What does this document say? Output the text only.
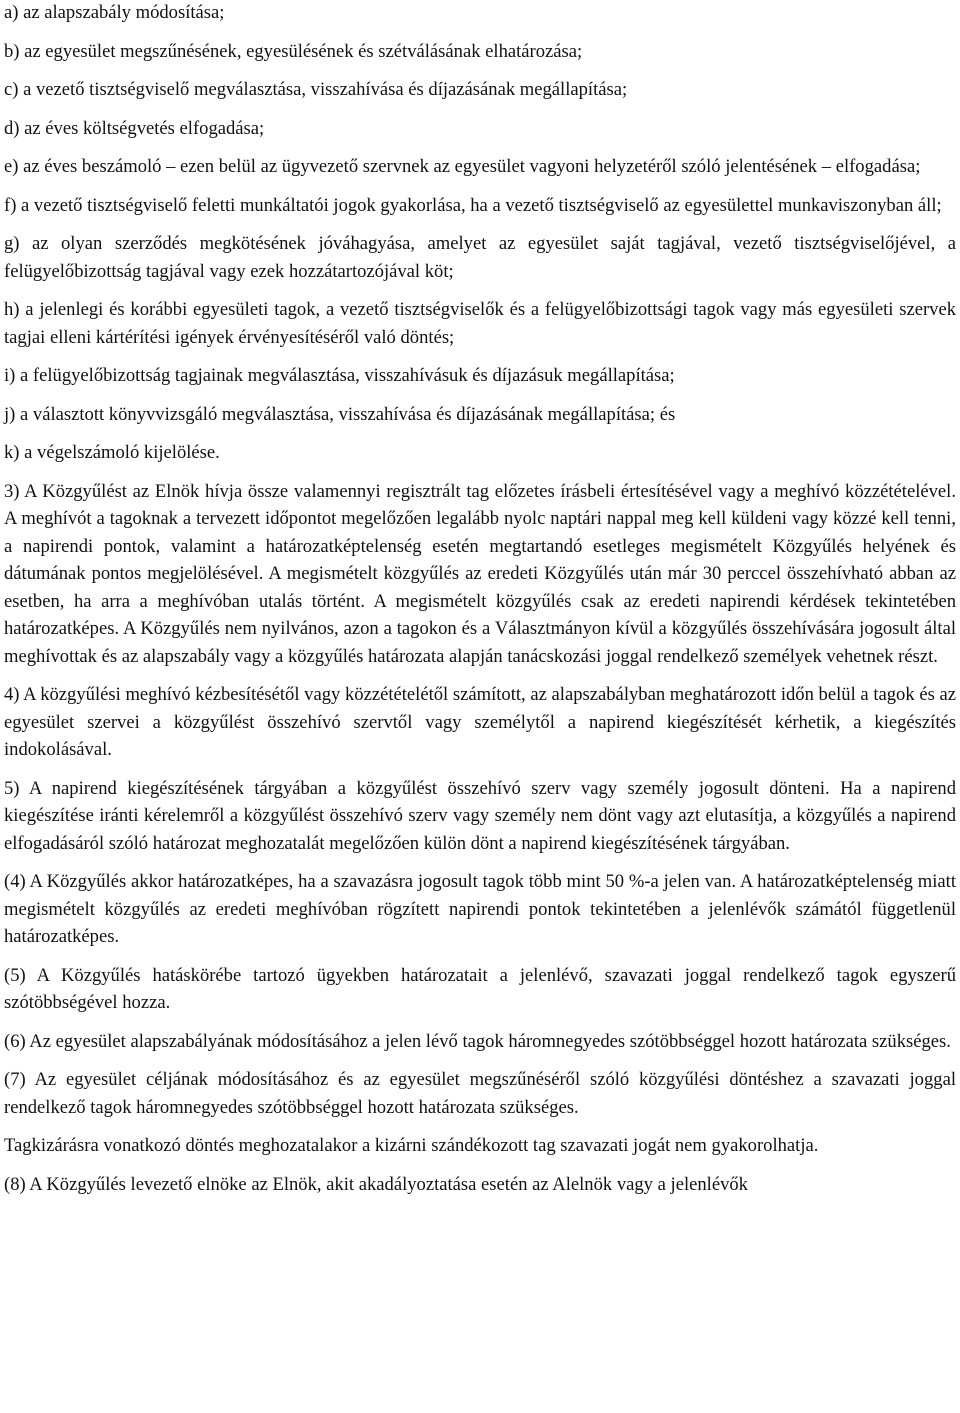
a) az alapszabály módosítása;

b) az egyesület megszűnésének, egyesülésének és szétválásának elhatározása;

c) a vezető tisztségviselő megválasztása, visszahívása és díjazásának megállapítása;

d) az éves költségvetés elfogadása;

e) az éves beszámoló – ezen belül az ügyvezető szervnek az egyesület vagyoni helyzetéről szóló jelentésének – elfogadása;

f) a vezető tisztségviselő feletti munkáltatói jogok gyakorlása, ha a vezető tisztségviselő az egyesülettel munkaviszonyban áll;

g) az olyan szerződés megkötésének jóváhagyása, amelyet az egyesület saját tagjával, vezető tisztségviselőjével, a felügyelőbizottság tagjával vagy ezek hozzátartozójával köt;

h) a jelenlegi és korábbi egyesületi tagok, a vezető tisztségviselők és a felügyelőbizottsági tagok vagy más egyesületi szervek tagjai elleni kártérítési igények érvényesítéséről való döntés;

i) a felügyelőbizottság tagjainak megválasztása, visszahívásuk és díjazásuk megállapítása;

j) a választott könyvvizsgáló megválasztása, visszahívása és díjazásának megállapítása; és

k) a végelszámoló kijelölése.

3) A Közgyűlést az Elnök hívja össze valamennyi regisztrált tag előzetes írásbeli értesítésével vagy a meghívó közzétételével. A meghívót a tagoknak a tervezett időpontot megelőzően legalább nyolc naptári nappal meg kell küldeni vagy közzé kell tenni, a napirendi pontok, valamint a határozatképtelenség esetén megtartandó esetleges megismételt Közgyűlés helyének és dátumának pontos megjelölésével. A megismételt közgyűlés az eredeti Közgyűlés után már 30 perccel összehívható abban az esetben, ha arra a meghívóban utalás történt. A megismételt közgyűlés csak az eredeti napirendi kérdések tekintetében határozatképes. A Közgyűlés nem nyilvános, azon a tagokon és a Választmányon kívül a közgyűlés összehívására jogosult által meghívottak és az alapszabály vagy a közgyűlés határozata alapján tanácskozási joggal rendelkező személyek vehetnek részt.

4) A közgyűlési meghívó kézbesítésétől vagy közzétételétől számított, az alapszabályban meghatározott időn belül a tagok és az egyesület szervei a közgyűlést összehívó szervtől vagy személytől a napirend kiegészítését kérhetik, a kiegészítés indokolásával.

5) A napirend kiegészítésének tárgyában a közgyűlést összehívó szerv vagy személy jogosult dönteni. Ha a napirend kiegészítése iránti kérelemről a közgyűlést összehívó szerv vagy személy nem dönt vagy azt elutasítja, a közgyűlés a napirend elfogadásáról szóló határozat meghozatalát megelőzően külön dönt a napirend kiegészítésének tárgyában.

(4) A Közgyűlés akkor határozatképes, ha a szavazásra jogosult tagok több mint 50 %-a jelen van. A határozatképtelenség miatt megismételt közgyűlés az eredeti meghívóban rögzített napirendi pontok tekintetében a jelenlévők számától függetlenül határozatképes.

(5) A Közgyűlés hatáskörébe tartozó ügyekben határozatait a jelenlévő, szavazati joggal rendelkező tagok egyszerű szótöbbségével hozza.

(6) Az egyesület alapszabályának módosításához a jelen lévő tagok háromnegyedes szótöbbséggel hozott határozata szükséges.

(7) Az egyesület céljának módosításához és az egyesület megszűnéséről szóló közgyűlési döntéshez a szavazati joggal rendelkező tagok háromnegyedes szótöbbséggel hozott határozata szükséges.

Tagkizárásra vonatkozó döntés meghozatalakor a kizárni szándékozott tag szavazati jogát nem gyakorolhatja.

(8) A Közgyűlés levezető elnöke az Elnök, akit akadályoztatása esetén az Alelnök vagy a jelenlévők
